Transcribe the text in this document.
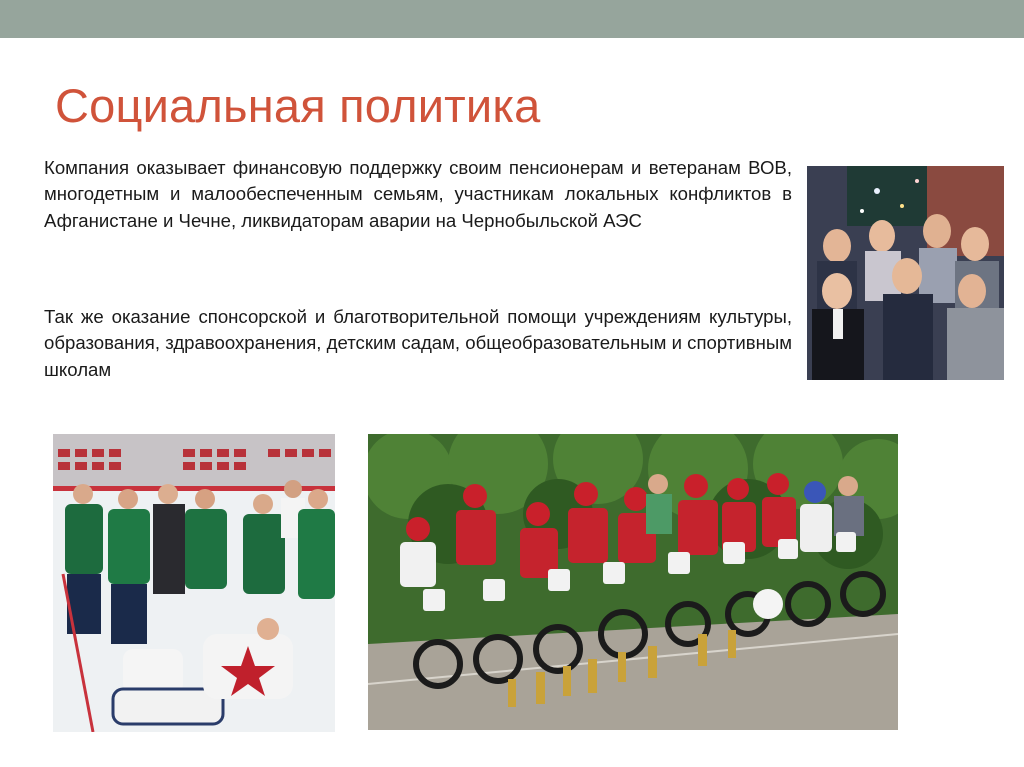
Социальная политика

Компания оказывает финансовую поддержку своим пенсионерам и ветеранам ВОВ, многодетным и малообеспеченным семьям, участникам локальных конфликтов в Афганистане и Чечне, ликвидаторам аварии на Чернобыльской АЭС

Так же оказание спонсорской и благотворительной помощи учреждениям культуры, образования, здравоохранения, детским садам, общеобразовательным и спортивным школам
